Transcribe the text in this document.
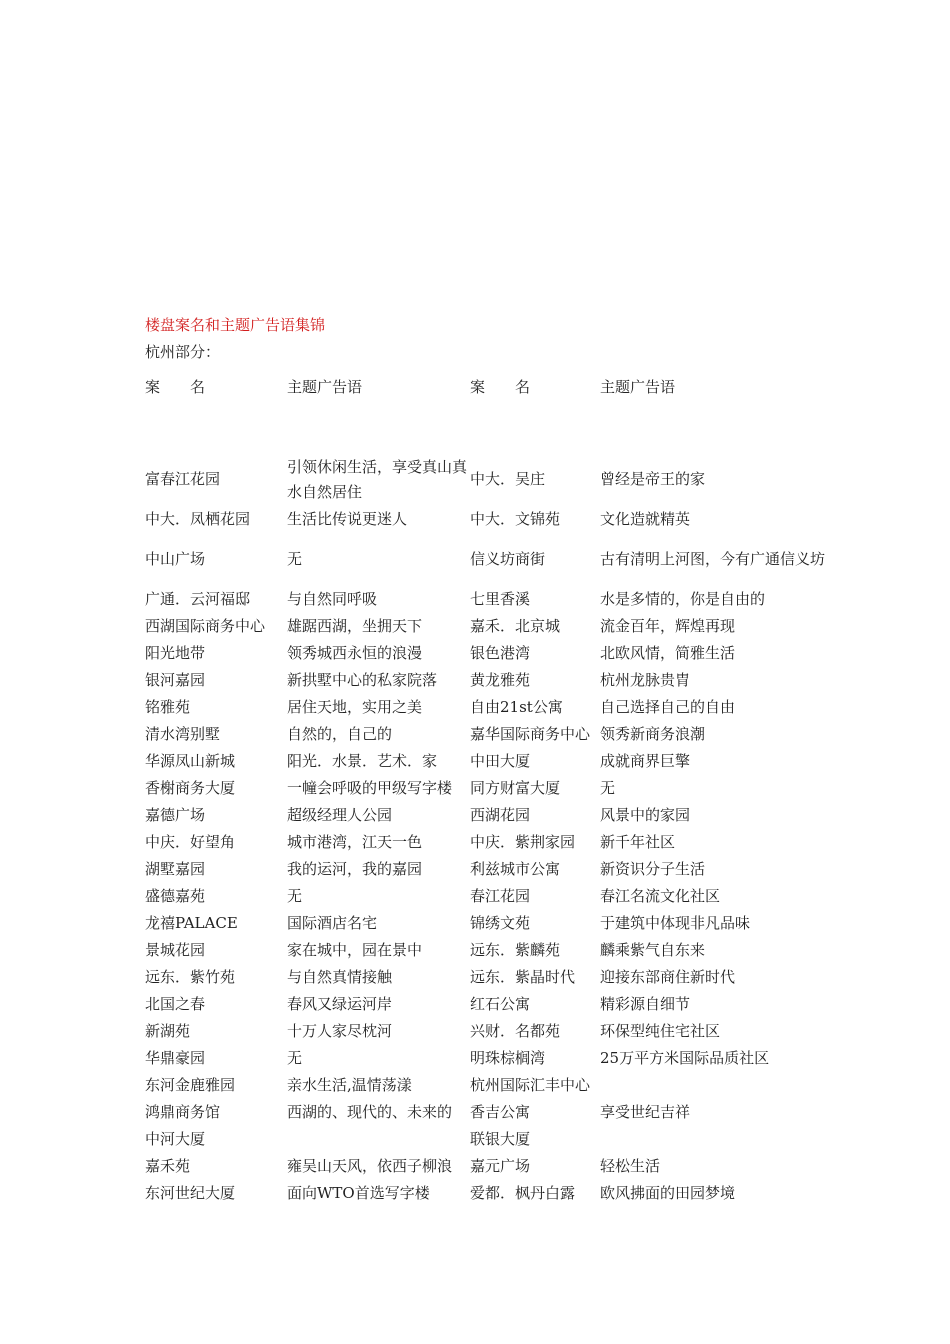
楼盘案名和主题广告语集锦
杭州部分：
案　　名	主题广告语	案　　名	主题广告语

富春江花园	引领休闲生活，享受真山真水自然居住	中大．吴庄	曾经是帝王的家
中大．凤栖花园	生活比传说更迷人	中大．文锦苑	文化造就精英
中山广场	无	信义坊商街	古有清明上河图，今有广通信义坊
广通．云河福邸	与自然同呼吸	七里香溪	水是多情的，你是自由的
西湖国际商务中心	雄踞西湖，坐拥天下	嘉禾．北京城	流金百年，辉煌再现
阳光地带	领秀城西永恒的浪漫	银色港湾	北欧风情，简雅生活
银河嘉园	新拱墅中心的私家院落	黄龙雅苑	杭州龙脉贵胄
铭雅苑	居住天地，实用之美	自由21st公寓	自己选择自己的自由
清水湾别墅	自然的，自己的	嘉华国际商务中心	领秀新商务浪潮
华源凤山新城	阳光．水景．艺术．家	中田大厦	成就商界巨擎
香榭商务大厦	一幢会呼吸的甲级写字楼	同方财富大厦	无
嘉德广场	超级经理人公园	西湖花园	风景中的家园
中庆．好望角	城市港湾，江天一色	中庆．紫荆家园	新千年社区
湖墅嘉园	我的运河，我的嘉园	利兹城市公寓	新资识分子生活
盛德嘉苑	无	春江花园	春江名流文化社区
龙禧PALACE	国际酒店名宅	锦绣文苑	于建筑中体现非凡品味
景城花园	家在城中，园在景中	远东．紫麟苑	麟乘紫气自东来
远东．紫竹苑	与自然真情接触	远东．紫晶时代	迎接东部商住新时代
北国之春	春风又绿运河岸	红石公寓	精彩源自细节
新湖苑	十万人家尽枕河	兴财．名都苑	环保型纯住宅社区
华鼎豪园	无	明珠棕榈湾	25万平方米国际品质社区
东河金鹿雅园	亲水生活,温情荡漾	杭州国际汇丰中心	
鸿鼎商务馆	西湖的、现代的、未来的	香吉公寓	享受世纪吉祥
中河大厦		联银大厦	
嘉禾苑	雍吴山天风，依西子柳浪	嘉元广场	轻松生活
东河世纪大厦	面向WTO首选写字楼	爱都．枫丹白露	欧风拂面的田园梦境
